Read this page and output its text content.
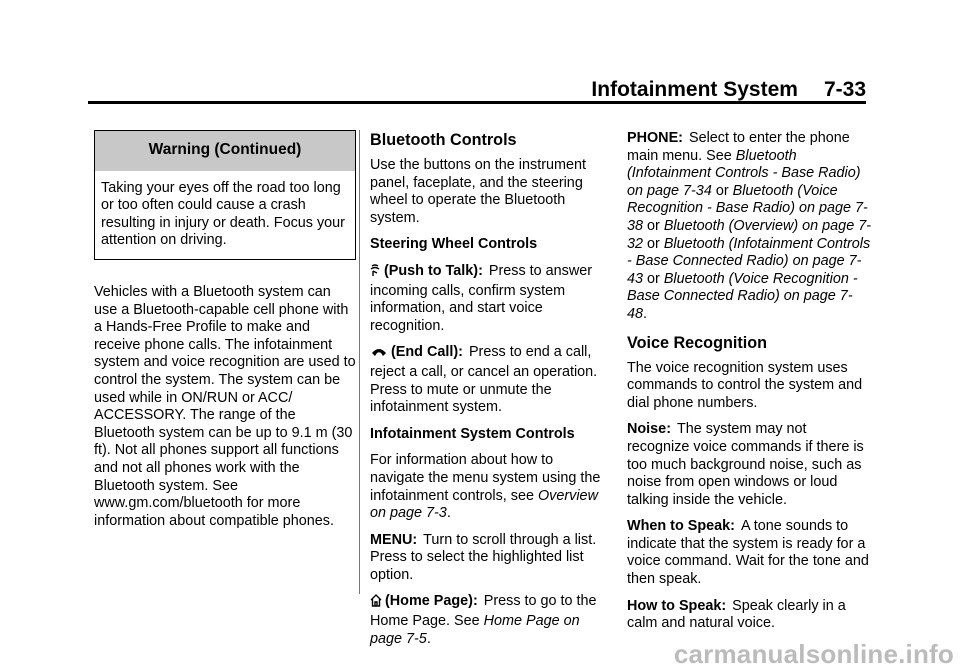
Infotainment System 7-33
Warning (Continued)
Taking your eyes off the road too long or too often could cause a crash resulting in injury or death. Focus your attention on driving.

Vehicles with a Bluetooth system can use a Bluetooth-capable cell phone with a Hands-Free Profile to make and receive phone calls. The infotainment system and voice recognition are used to control the system. The system can be used while in ON/RUN or ACC/ ACCESSORY. The range of the Bluetooth system can be up to 9.1 m (30 ft). Not all phones support all functions and not all phones work with the Bluetooth system. See www.gm.com/bluetooth for more information about compatible phones.

Bluetooth Controls

Use the buttons on the instrument panel, faceplate, and the steering wheel to operate the Bluetooth system.

Steering Wheel Controls

(Push to Talk): Press to answer incoming calls, confirm system information, and start voice recognition.

(End Call): Press to end a call, reject a call, or cancel an operation. Press to mute or unmute the infotainment system.

Infotainment System Controls

For information about how to navigate the menu system using the infotainment controls, see Overview on page 7-3.

MENU: Turn to scroll through a list. Press to select the highlighted list option.

(Home Page): Press to go to the Home Page. See Home Page on page 7-5.

PHONE: Select to enter the phone main menu. See Bluetooth (Infotainment Controls - Base Radio) on page 7-34 or Bluetooth (Voice Recognition - Base Radio) on page 7-38 or Bluetooth (Overview) on page 7-32 or Bluetooth (Infotainment Controls - Base Connected Radio) on page 7-43 or Bluetooth (Voice Recognition - Base Connected Radio) on page 7-48.

Voice Recognition

The voice recognition system uses commands to control the system and dial phone numbers.

Noise: The system may not recognize voice commands if there is too much background noise, such as noise from open windows or loud talking inside the vehicle.

When to Speak: A tone sounds to indicate that the system is ready for a voice command. Wait for the tone and then speak.

How to Speak: Speak clearly in a calm and natural voice.

carmanualsonline.info
